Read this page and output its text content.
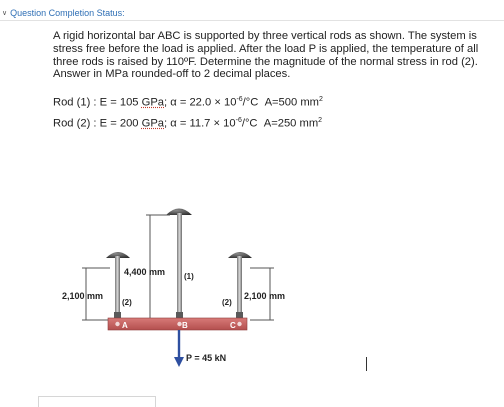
∨ Question Completion Status:
A rigid horizontal bar ABC is supported by three vertical rods as shown. The system is stress free before the load is applied. After the load P is applied, the temperature of all three rods is raised by 110ºF. Determine the magnitude of the normal stress in rod (2). Answer in MPa rounded-off to 2 decimal places.
Rod (1) : E = 105 GPa; $\alpha = 22.0 \times 10^{-6}/^\circ C$ A=500 $mm^2$
Rod (2) : E = 200 GPa; $\alpha = 11.7 \times 10^{-6}/^\circ C$ A=250 $mm^2$
4,400 mm (1)
2,100 mm
(2)
2,100 mm
(2)
A	B	C
P = 45 kN
